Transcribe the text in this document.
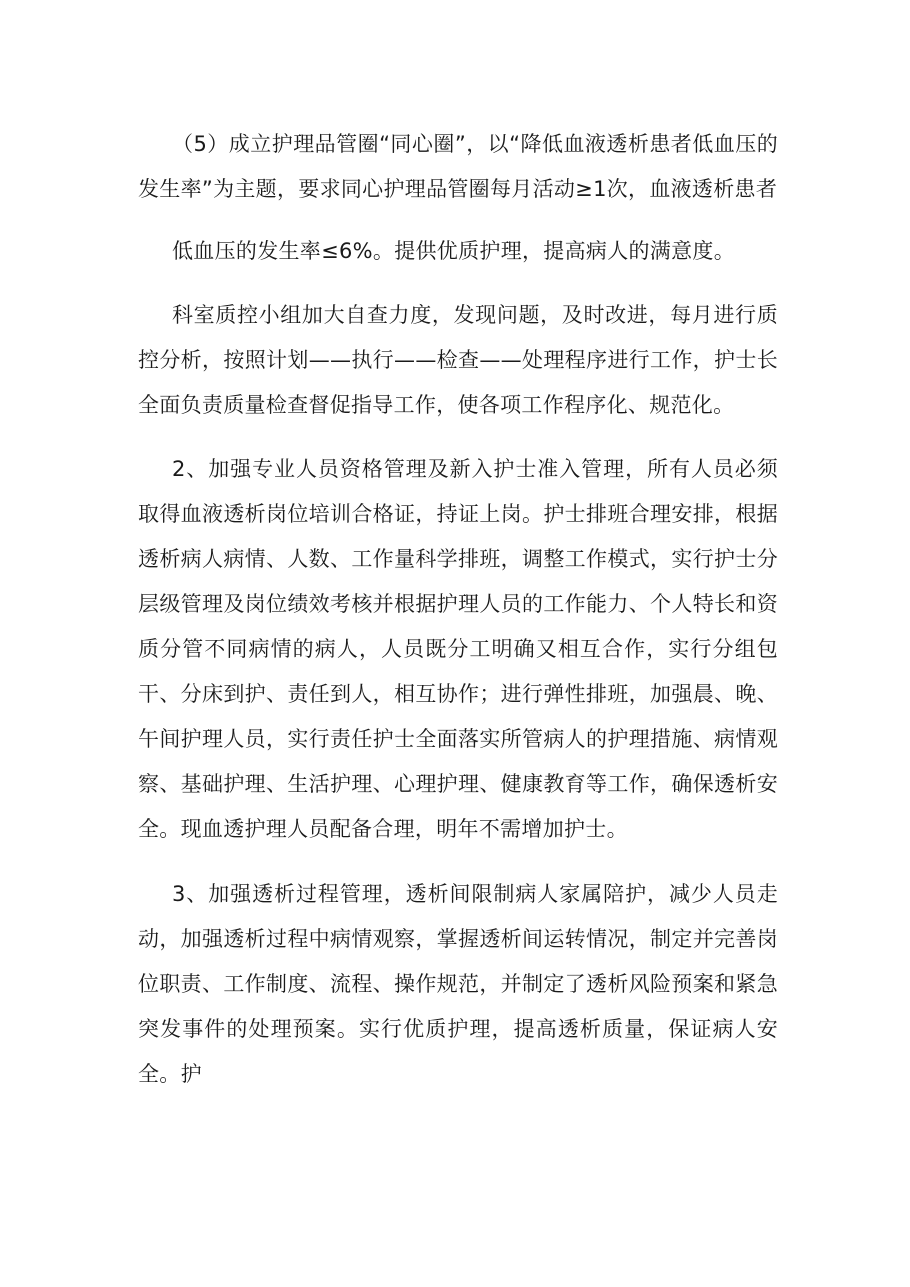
（5）成立护理品管圈“同心圈”，以“降低血液透析患者低血压的发生率”为主题，要求同心护理品管圈每月活动≥1次，血液透析患者

低血压的发生率≤6%。提供优质护理，提高病人的满意度。

科室质控小组加大自查力度，发现问题，及时改进，每月进行质控分析，按照计划——执行——检查——处理程序进行工作，护士长全面负责质量检查督促指导工作，使各项工作程序化、规范化。

2、加强专业人员资格管理及新入护士准入管理，所有人员必须取得血液透析岗位培训合格证，持证上岗。护士排班合理安排，根据透析病人病情、人数、工作量科学排班，调整工作模式，实行护士分层级管理及岗位绩效考核并根据护理人员的工作能力、个人特长和资质分管不同病情的病人，人员既分工明确又相互合作，实行分组包干、分床到护、责任到人，相互协作；进行弹性排班，加强晨、晚、午间护理人员，实行责任护士全面落实所管病人的护理措施、病情观察、基础护理、生活护理、心理护理、健康教育等工作，确保透析安全。现血透护理人员配备合理，明年不需增加护士。

3、加强透析过程管理，透析间限制病人家属陪护，减少人员走动，加强透析过程中病情观察，掌握透析间运转情况，制定并完善岗位职责、工作制度、流程、操作规范，并制定了透析风险预案和紧急突发事件的处理预案。实行优质护理，提高透析质量，保证病人安全。护
